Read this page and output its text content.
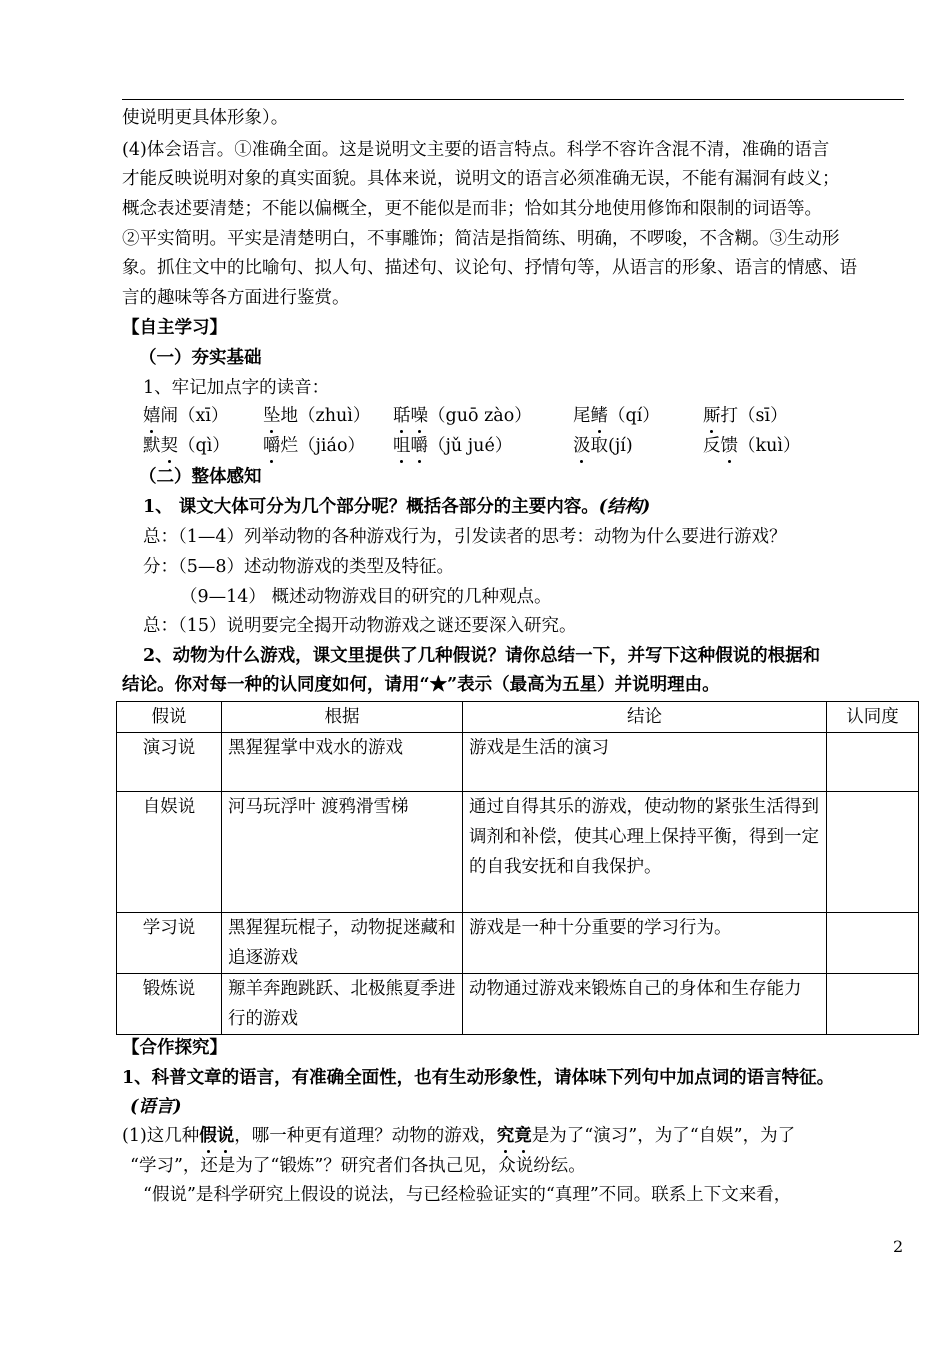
使说明更具体形象）。
(4)体会语言。①准确全面。这是说明文主要的语言特点。科学不容许含混不清，准确的语言
才能反映说明对象的真实面貌。具体来说，说明文的语言必须准确无误，不能有漏洞有歧义；
概念表述要清楚；不能以偏概全，更不能似是而非；恰如其分地使用修饰和限制的词语等。
②平实简明。平实是清楚明白，不事雕饰；简洁是指简练、明确，不啰唆，不含糊。③生动形
象。抓住文中的比喻句、拟人句、描述句、议论句、抒情句等，从语言的形象、语言的情感、语
言的趣味等各方面进行鉴赏。
【自主学习】
（一）夯实基础
1、牢记加点字的读音：
嬉闹（xī） 坠地（zhuì） 聒噪（guō zào） 尾鳍（qí） 厮打（sī）
默契（qì） 嚼烂（jiáo） 咀嚼（jǔ jué）	汲取(jí)	反馈（kuì）
（二）整体感知
1、 课文大体可分为几个部分呢？概括各部分的主要内容。(结构)
总：（1—4）列举动物的各种游戏行为，引发读者的思考：动物为什么要进行游戏？
分：（5—8）述动物游戏的类型及特征。
（9—14） 概述动物游戏目的研究的几种观点。
总：（15）说明要完全揭开动物游戏之谜还要深入研究。
2、动物为什么游戏，课文里提供了几种假说？请你总结一下，并写下这种假说的根据和
结论。你对每一种的认同度如何，请用“★”表示（最高为五星）并说明理由。
假说	根据	结论	认同度
演习说	黑猩猩掌中戏水的游戏	游戏是生活的演习	
自娱说	河马玩浮叶 渡鸦滑雪梯	通过自得其乐的游戏，使动物的紧张生活得到调剂和补偿，使其心理上保持平衡，得到一定的自我安抚和自我保护。	
学习说	黑猩猩玩棍子，动物捉迷藏和追逐游戏	游戏是一种十分重要的学习行为。	
锻炼说	羱羊奔跑跳跃、北极熊夏季进行的游戏	动物通过游戏来锻炼自己的身体和生存能力	
【合作探究】
1、科普文章的语言，有准确全面性，也有生动形象性，请体味下列句中加点词的语言特征。
(语言)
(1)这几种假说，哪一种更有道理？动物的游戏，究竟是为了“演习”，为了“自娱”，为了
“学习”，还是为了“锻炼”？研究者们各执己见，众说纷纭。
“假说”是科学研究上假设的说法，与已经检验证实的“真理”不同。联系上下文来看，
2
